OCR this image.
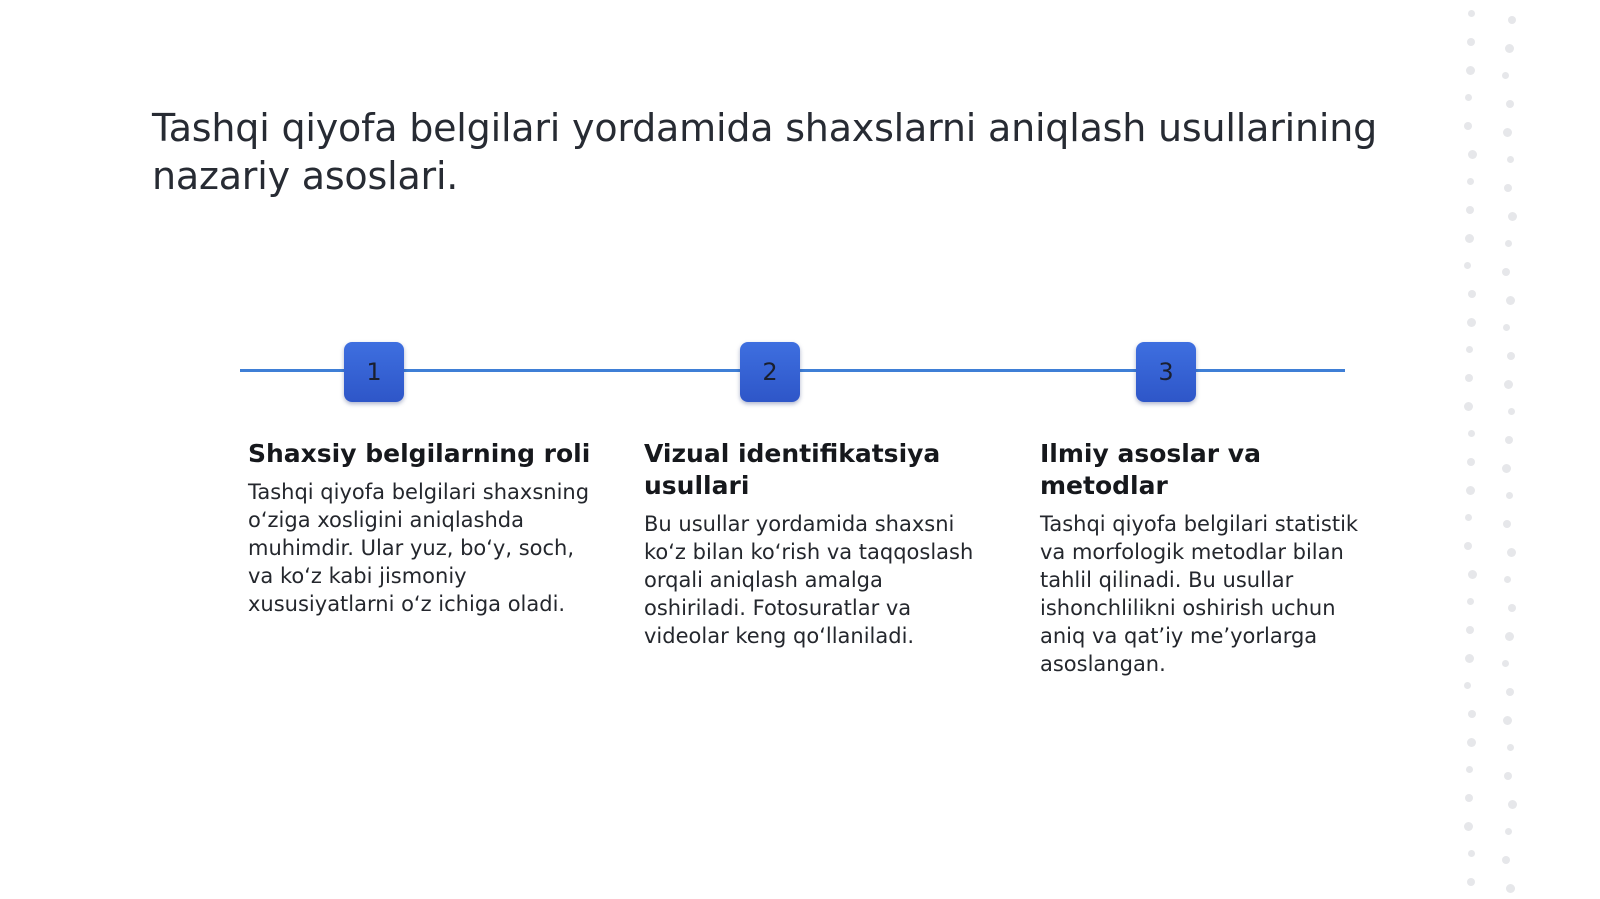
Tashqi qiyofa belgilari yordamida shaxslarni aniqlash usullarining nazariy asoslari.
1	2	3
Shaxsiy belgilarning roli

Tashqi qiyofa belgilari shaxsning o‘ziga xosligini aniqlashda muhimdir. Ular yuz, bo‘y, soch, va ko‘z kabi jismoniy xususiyatlarni o‘z ichiga oladi.

Vizual identifikatsiya usullari

Bu usullar yordamida shaxsni ko‘z bilan ko‘rish va taqqoslash orqali aniqlash amalga oshiriladi. Fotosuratlar va videolar keng qo‘llaniladi.

Ilmiy asoslar va metodlar

Tashqi qiyofa belgilari statistik va morfologik metodlar bilan tahlil qilinadi. Bu usullar ishonchlilikni oshirish uchun aniq va qat’iy me’yorlarga asoslangan.
